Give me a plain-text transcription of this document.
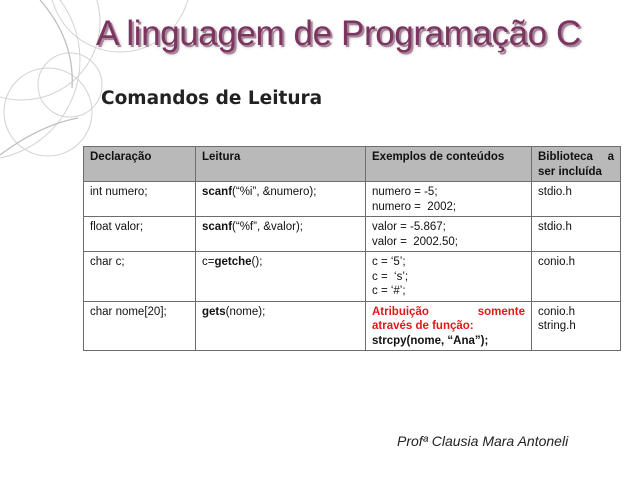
A linguagem de Programação C
Comandos de Leitura
Declaração	Leitura	Exemplos de conteúdos	Biblioteca a
ser incluída

int numero;	scanf(“%i”, &numero);	numero = -5;
numero =  2002;	stdio.h

float valor;	scanf(“%f”, &valor);	valor = -5.867;
valor =  2002.50;	stdio.h

char c;	c=getche();	c = ‘5’;
c =  ‘s’;
c = ‘#’;	conio.h

char nome[20];	gets(nome);	Atribuição somente
através de função:
strcpy(nome, “Ana”);	conio.h
string.h
Profª Clausia Mara Antoneli
